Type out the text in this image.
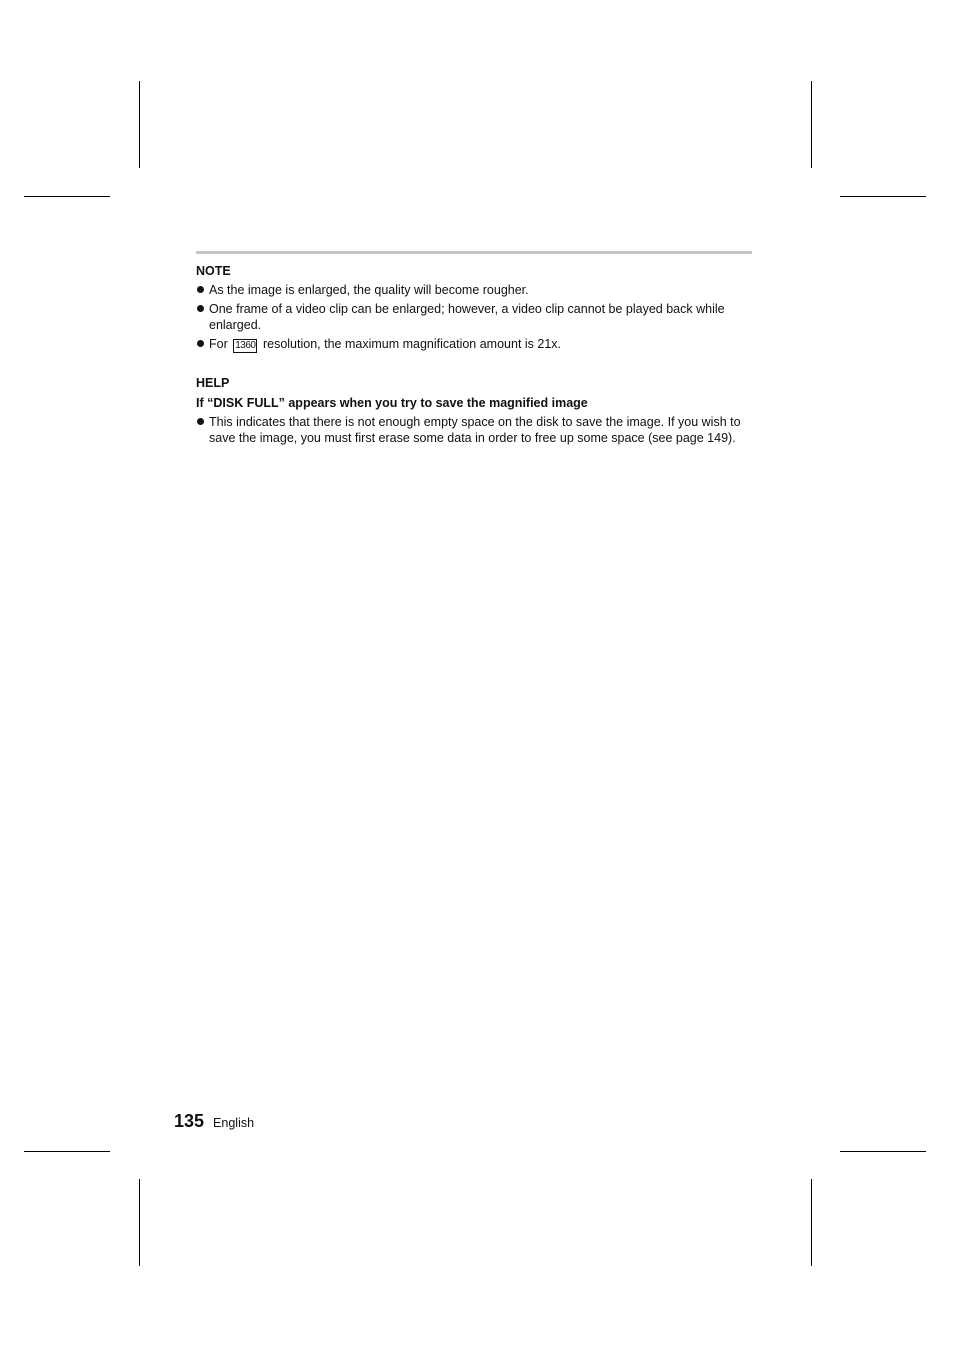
NOTE
As the image is enlarged, the quality will become rougher.
One frame of a video clip can be enlarged; however, a video clip cannot be played back while enlarged.
For 1360 resolution, the maximum magnification amount is 21x.
HELP
If “DISK FULL” appears when you try to save the magnified image
This indicates that there is not enough empty space on the disk to save the image. If you wish to save the image, you must first erase some data in order to free up some space (see page 149).
135 English
